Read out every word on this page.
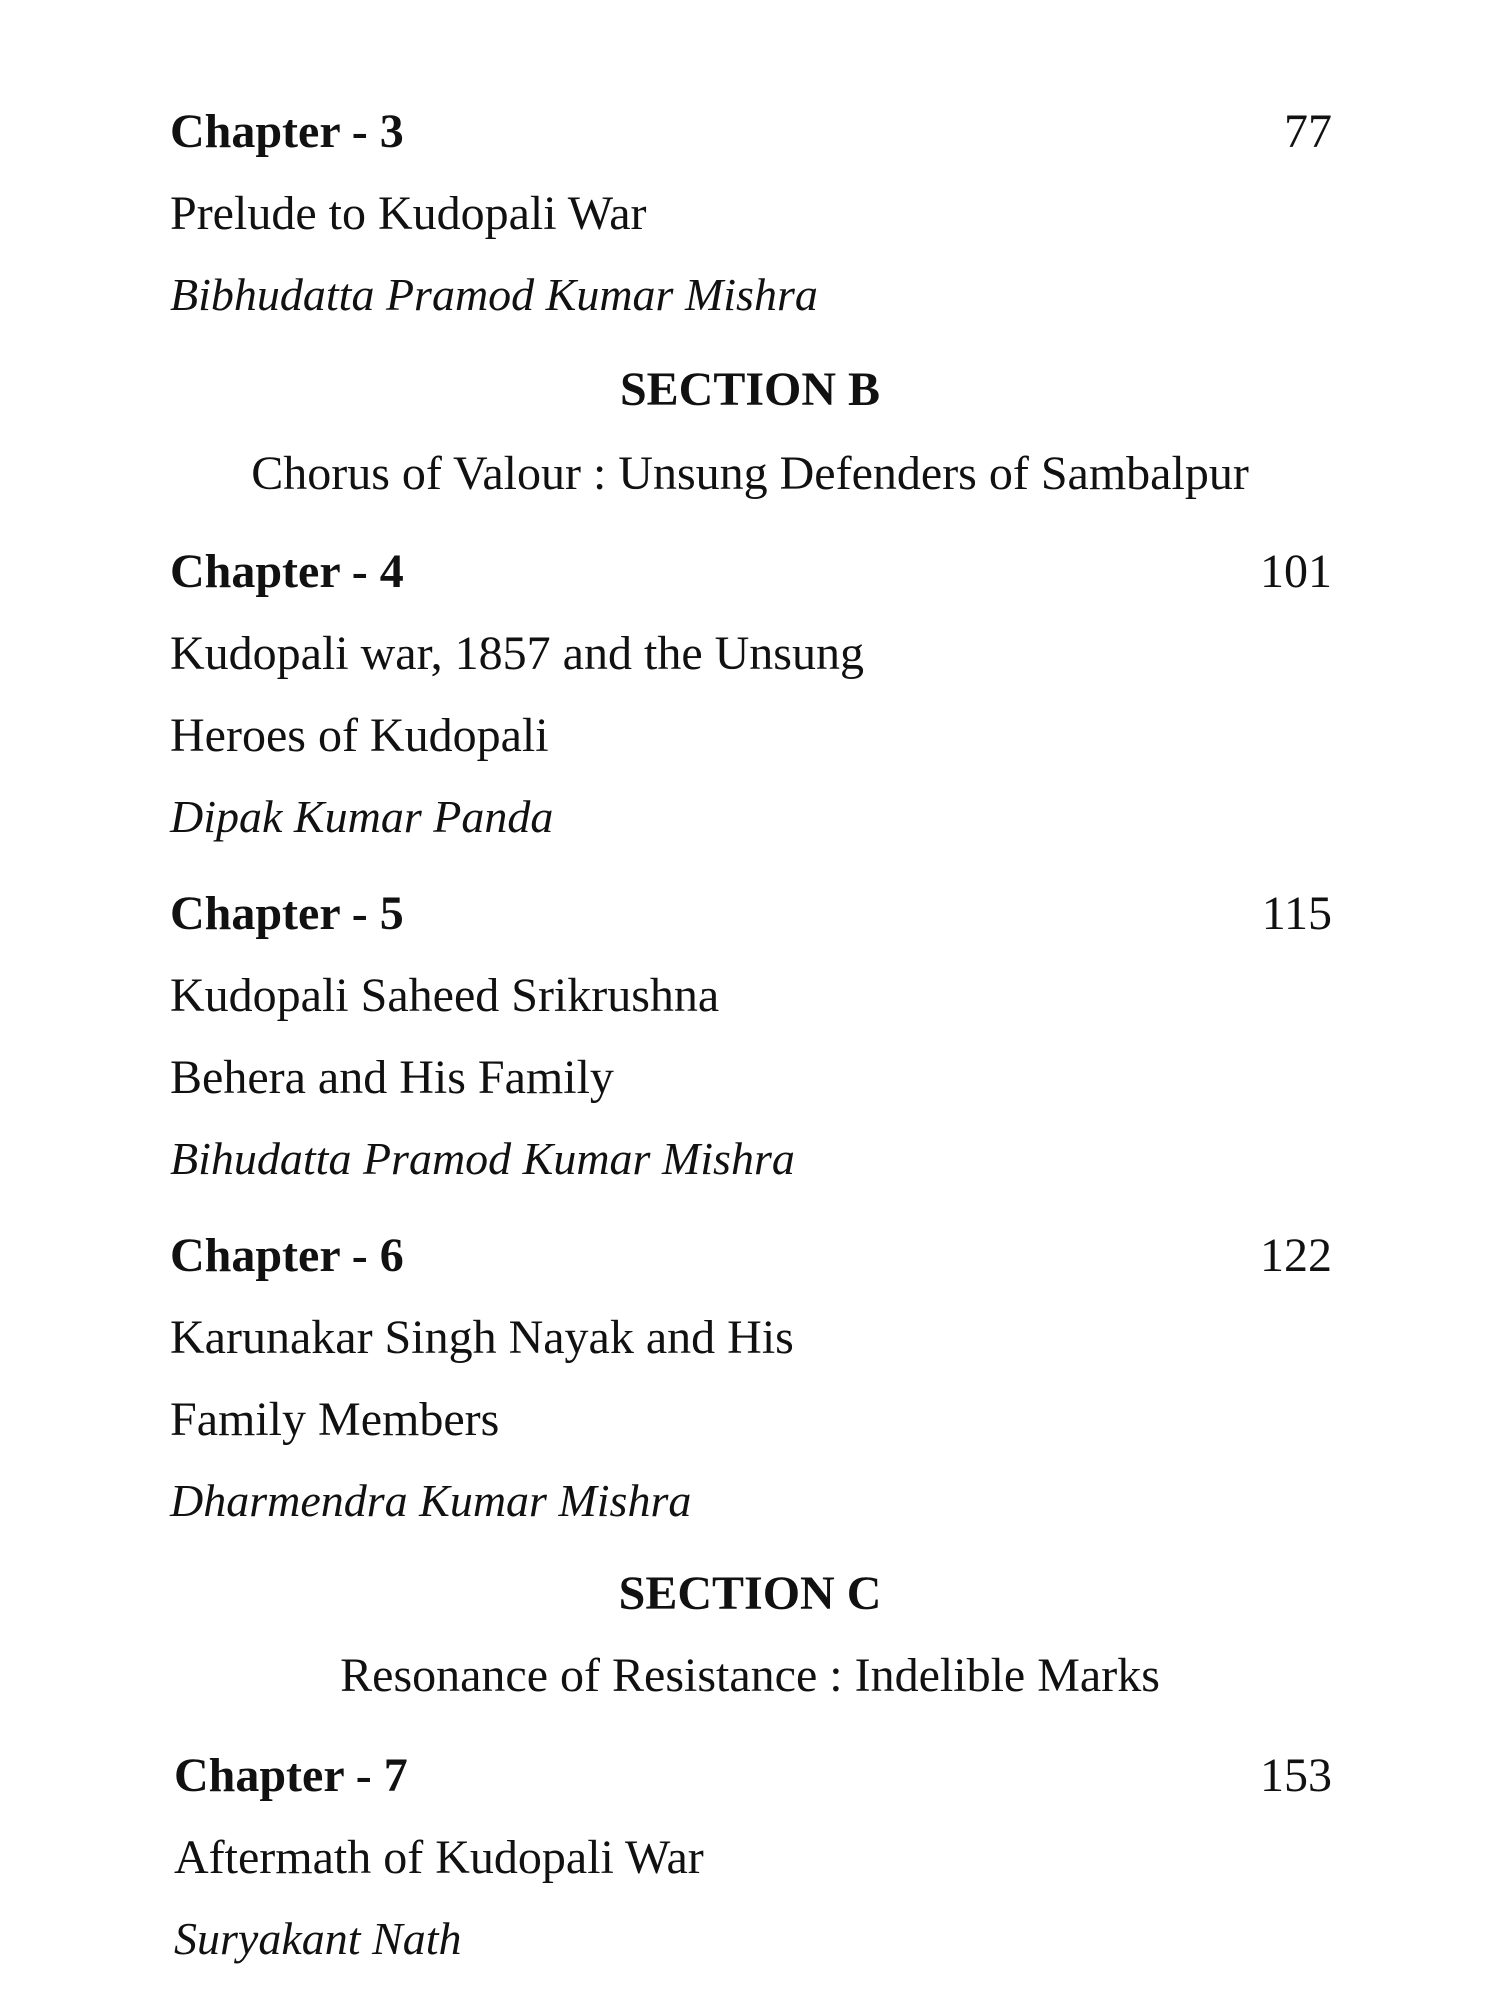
Chapter - 3	77
Prelude to Kudopali War
Bibhudatta Pramod Kumar Mishra
SECTION B
Chorus of Valour : Unsung Defenders of Sambalpur
Chapter - 4	101
Kudopali war, 1857 and the Unsung
Heroes of Kudopali
Dipak Kumar Panda
Chapter - 5	115
Kudopali Saheed Srikrushna
Behera and His Family
Bihudatta Pramod Kumar Mishra
Chapter - 6	122
Karunakar Singh Nayak and His
Family Members
Dharmendra Kumar Mishra
SECTION C
Resonance of Resistance : Indelible Marks
Chapter - 7	153
Aftermath of Kudopali War
Suryakant Nath
